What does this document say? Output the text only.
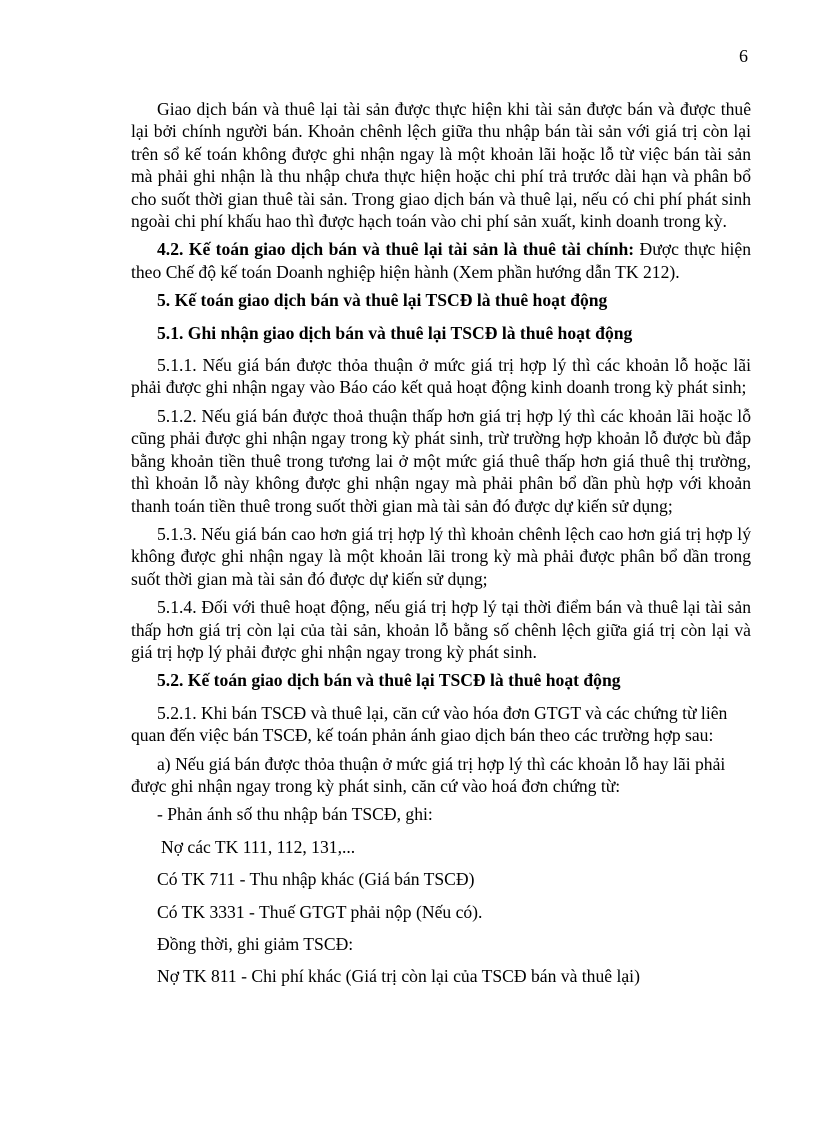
6

Giao dịch bán và thuê lại tài sản được thực hiện khi tài sản được bán và được thuê lại bởi chính người bán. Khoản chênh lệch giữa thu nhập bán tài sản với giá trị còn lại trên sổ kế toán không được ghi nhận ngay là một khoản lãi hoặc lỗ từ việc bán tài sản mà phải ghi nhận là thu nhập chưa thực hiện hoặc chi phí trả trước dài hạn và phân bổ cho suốt thời gian thuê tài sản. Trong giao dịch bán và thuê lại, nếu có chi phí phát sinh ngoài chi phí khấu hao thì được hạch toán vào chi phí sản xuất, kinh doanh trong kỳ.

4.2. Kế toán giao dịch bán và thuê lại tài sản là thuê tài chính: Được thực hiện theo Chế độ kế toán Doanh nghiệp hiện hành (Xem phần hướng dẫn TK 212).

5. Kế toán giao dịch bán và thuê lại TSCĐ là thuê hoạt động

5.1. Ghi nhận giao dịch bán và thuê lại TSCĐ là thuê hoạt động

5.1.1. Nếu giá bán được thỏa thuận ở mức giá trị hợp lý thì các khoản lỗ hoặc lãi phải được ghi nhận ngay vào Báo cáo kết quả hoạt động kinh doanh trong kỳ phát sinh;

5.1.2. Nếu giá bán được thoả thuận thấp hơn giá trị hợp lý thì các khoản lãi hoặc lỗ cũng phải được ghi nhận ngay trong kỳ phát sinh, trừ trường hợp khoản lỗ được bù đắp bằng khoản tiền thuê trong tương lai ở một mức giá thuê thấp hơn giá thuê thị trường, thì khoản lỗ này không được ghi nhận ngay mà phải phân bổ dần phù hợp với khoản thanh toán tiền thuê trong suốt thời gian mà tài sản đó được dự kiến sử dụng;

5.1.3. Nếu giá bán cao hơn giá trị hợp lý thì khoản chênh lệch cao hơn giá trị hợp lý không được ghi nhận ngay là một khoản lãi trong kỳ mà phải được phân bổ dần trong suốt thời gian mà tài sản đó được dự kiến sử dụng;

5.1.4. Đối với thuê hoạt động, nếu giá trị hợp lý tại thời điểm bán và thuê lại tài sản thấp hơn giá trị còn lại của tài sản, khoản lỗ bằng số chênh lệch giữa giá trị còn lại và giá trị hợp lý phải được ghi nhận ngay trong kỳ phát sinh.

5.2. Kế toán giao dịch bán và thuê lại TSCĐ là thuê hoạt động

5.2.1. Khi bán TSCĐ và thuê lại, căn cứ vào hóa đơn GTGT và các chứng từ liên quan đến việc bán TSCĐ, kế toán phản ánh giao dịch bán theo các trường hợp sau:

a) Nếu giá bán được thỏa thuận ở mức giá trị hợp lý thì các khoản lỗ hay lãi phải được ghi nhận ngay trong kỳ phát sinh, căn cứ vào hoá đơn chứng từ:

- Phản ánh số thu nhập bán TSCĐ, ghi:

Nợ các TK 111, 112, 131,...

Có TK 711 - Thu nhập khác (Giá bán TSCĐ)

Có TK 3331 - Thuế GTGT phải nộp (Nếu có).

Đồng thời, ghi giảm TSCĐ:

Nợ TK 811 - Chi phí khác (Giá trị còn lại của TSCĐ bán và thuê lại)
